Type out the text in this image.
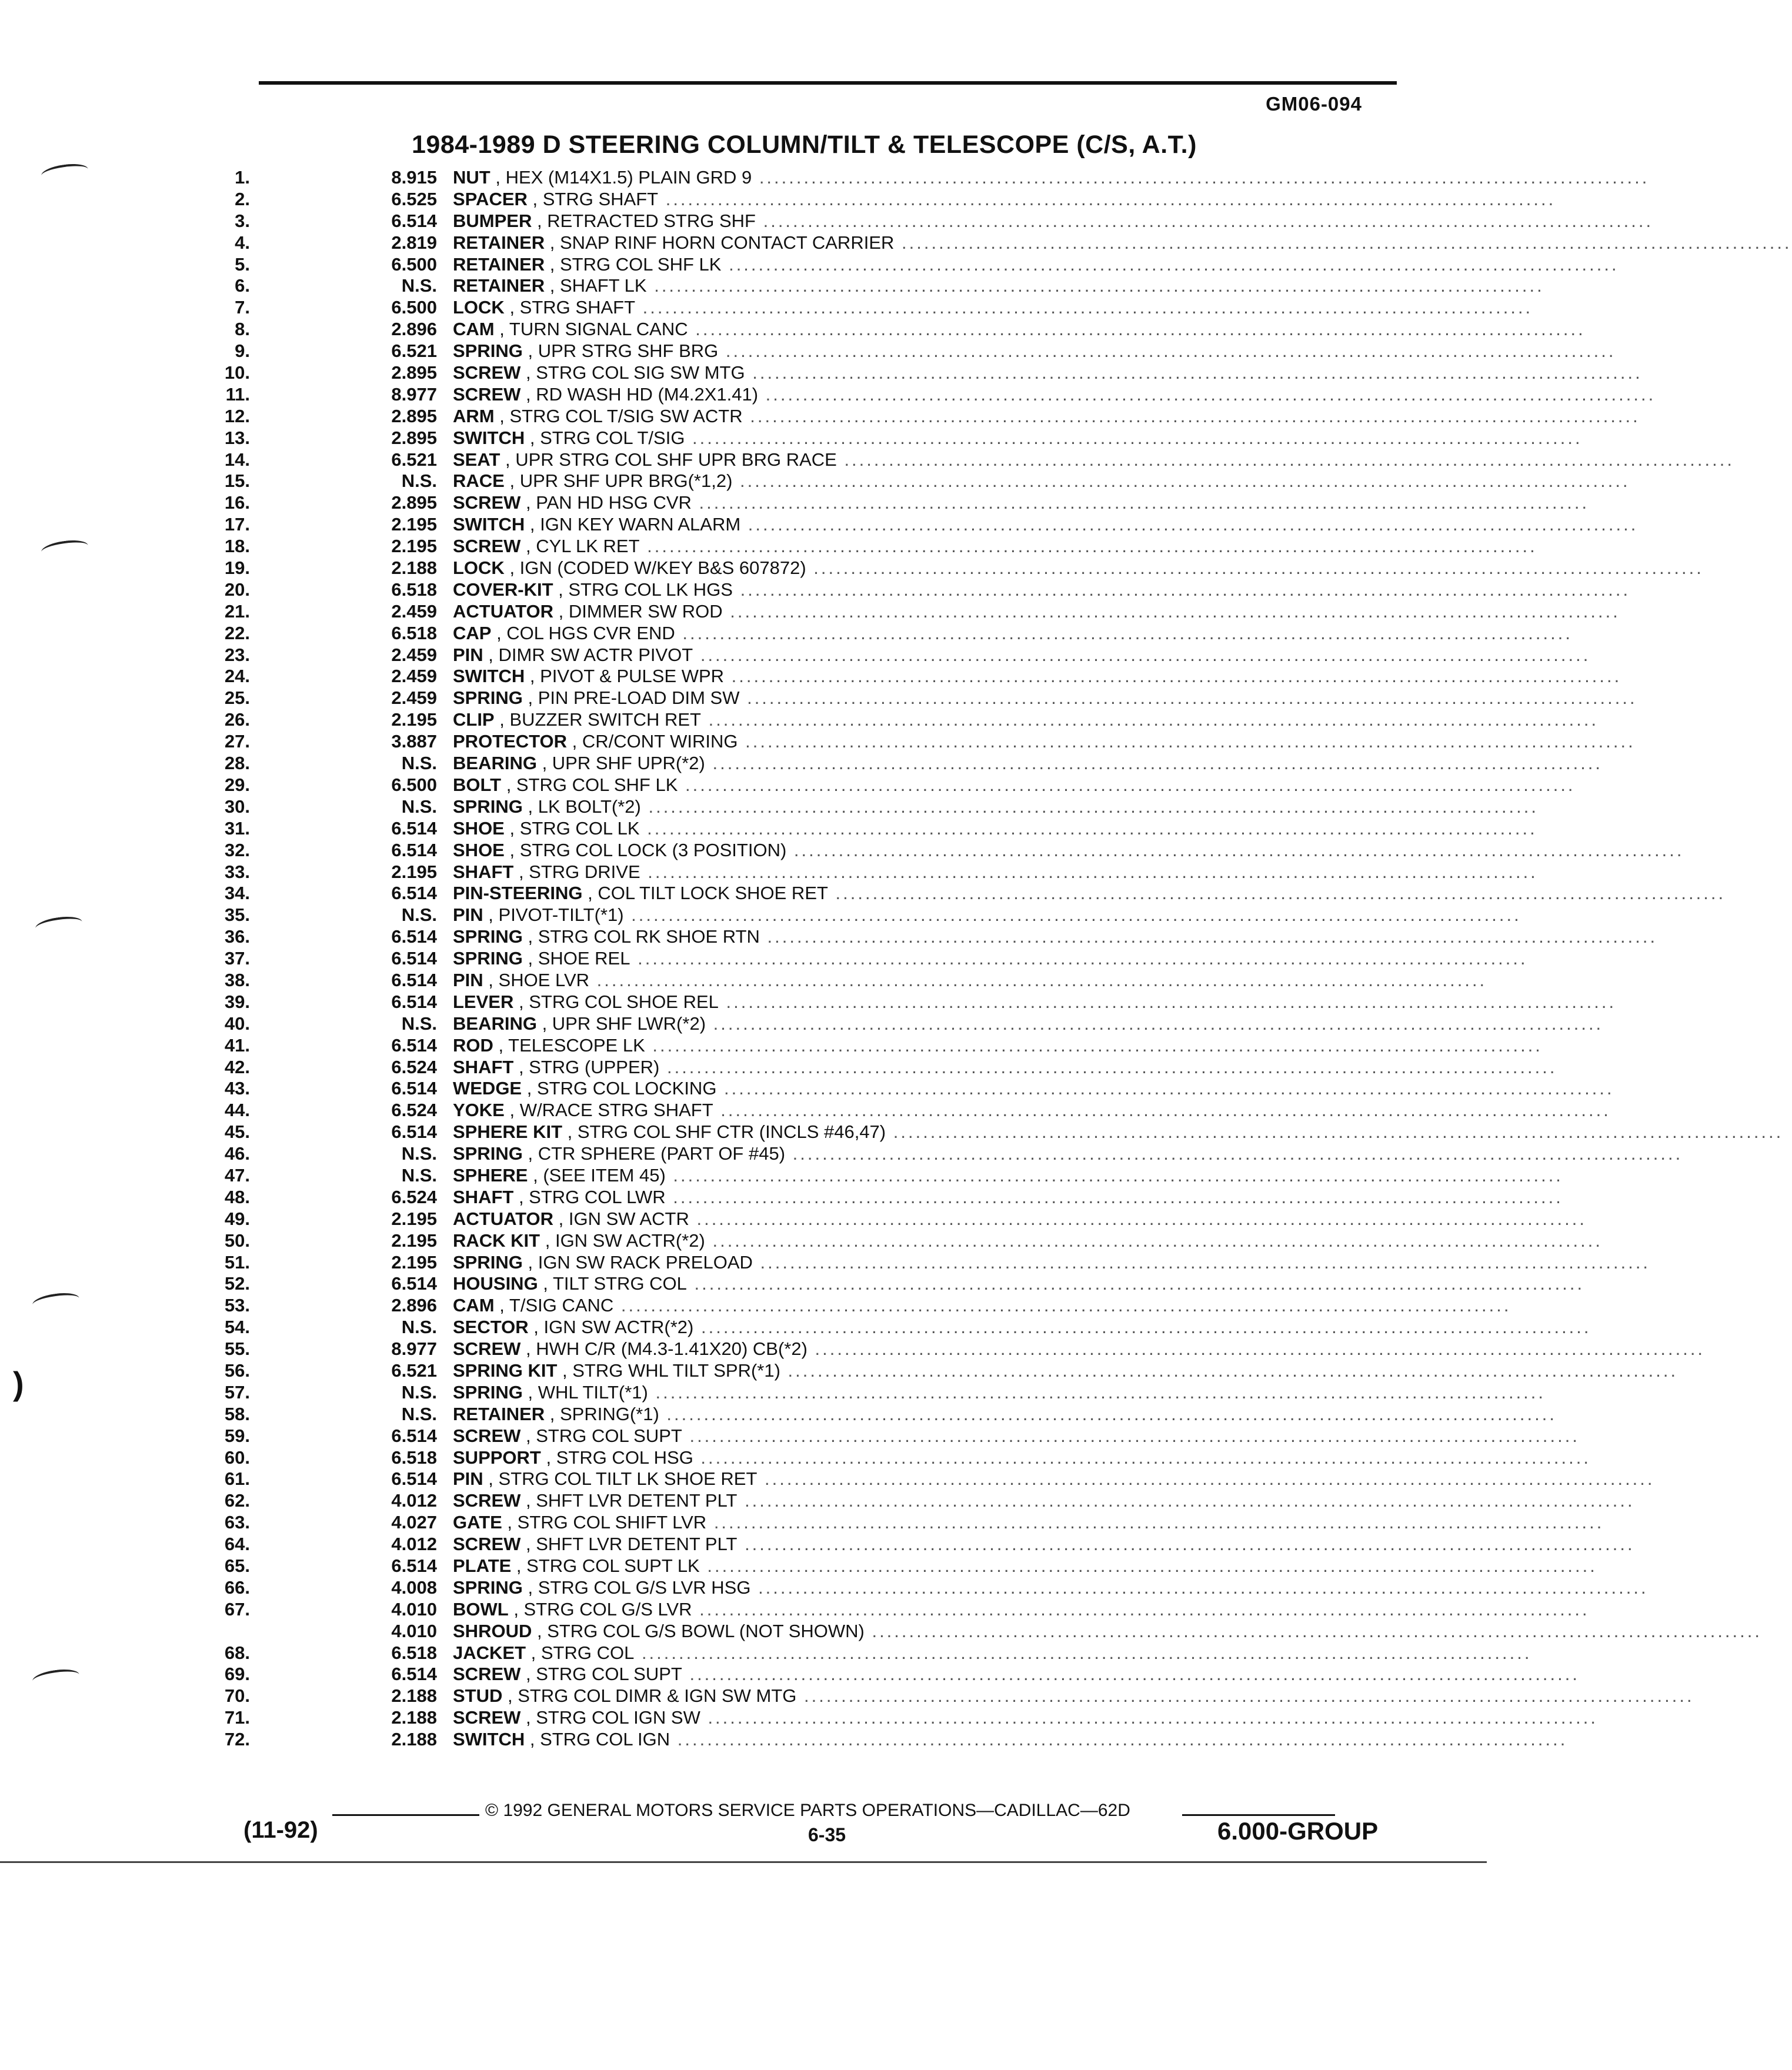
)
GM06-094
1984-1989 D STEERING COLUMN/TILT & TELESCOPE (C/S, A.T.)
1.	8.915 NUT , HEX (M14X1.5) PLAIN GRD 9 ........................................................................................................................
2.	6.525 SPACER , STRG SHAFT ........................................................................................................................
3.	6.514 BUMPER , RETRACTED STRG SHF ........................................................................................................................
4.	2.819 RETAINER , SNAP RINF HORN CONTACT CARRIER ........................................................................................................................
5.	6.500 RETAINER , STRG COL SHF LK ........................................................................................................................
6.	N.S. RETAINER , SHAFT LK ........................................................................................................................
7.	6.500 LOCK , STRG SHAFT ........................................................................................................................
8.	2.896 CAM , TURN SIGNAL CANC ........................................................................................................................
9.	6.521 SPRING , UPR STRG SHF BRG ........................................................................................................................
10.	2.895 SCREW , STRG COL SIG SW MTG ........................................................................................................................
11.	8.977 SCREW , RD WASH HD (M4.2X1.41) ........................................................................................................................
12.	2.895 ARM , STRG COL T/SIG SW ACTR ........................................................................................................................
13.	2.895 SWITCH , STRG COL T/SIG ........................................................................................................................
14.	6.521 SEAT , UPR STRG COL SHF UPR BRG RACE ........................................................................................................................
15.	N.S. RACE , UPR SHF UPR BRG(*1,2) ........................................................................................................................
16.	2.895 SCREW , PAN HD HSG CVR ........................................................................................................................
17.	2.195 SWITCH , IGN KEY WARN ALARM ........................................................................................................................
18.	2.195 SCREW , CYL LK RET ........................................................................................................................
19.	2.188 LOCK , IGN (CODED W/KEY B&S 607872) ........................................................................................................................
20.	6.518 COVER-KIT , STRG COL LK HGS ........................................................................................................................
21.	2.459 ACTUATOR , DIMMER SW ROD ........................................................................................................................
22.	6.518 CAP , COL HGS CVR END ........................................................................................................................
23.	2.459 PIN , DIMR SW ACTR PIVOT ........................................................................................................................
24.	2.459 SWITCH , PIVOT & PULSE WPR ........................................................................................................................
25.	2.459 SPRING , PIN PRE-LOAD DIM SW ........................................................................................................................
26.	2.195 CLIP , BUZZER SWITCH RET ........................................................................................................................
27.	3.887 PROTECTOR , CR/CONT WIRING ........................................................................................................................
28.	N.S. BEARING , UPR SHF UPR(*2) ........................................................................................................................
29.	6.500 BOLT , STRG COL SHF LK ........................................................................................................................
30.	N.S. SPRING , LK BOLT(*2) ........................................................................................................................
31.	6.514 SHOE , STRG COL LK ........................................................................................................................
32.	6.514 SHOE , STRG COL LOCK (3 POSITION) ........................................................................................................................
33.	2.195 SHAFT , STRG DRIVE ........................................................................................................................
34.	6.514 PIN-STEERING , COL TILT LOCK SHOE RET ........................................................................................................................
35.	N.S. PIN , PIVOT-TILT(*1) ........................................................................................................................
36.	6.514 SPRING , STRG COL RK SHOE RTN ........................................................................................................................
37.	6.514 SPRING , SHOE REL ........................................................................................................................
38.	6.514 PIN , SHOE LVR ........................................................................................................................
39.	6.514 LEVER , STRG COL SHOE REL ........................................................................................................................
40.	N.S. BEARING , UPR SHF LWR(*2) ........................................................................................................................
41.	6.514 ROD , TELESCOPE LK ........................................................................................................................
42.	6.524 SHAFT , STRG (UPPER) ........................................................................................................................
43.	6.514 WEDGE , STRG COL LOCKING ........................................................................................................................
44.	6.524 YOKE , W/RACE STRG SHAFT ........................................................................................................................
45.	6.514 SPHERE KIT , STRG COL SHF CTR (INCLS #46,47) ........................................................................................................................
46.	N.S. SPRING , CTR SPHERE (PART OF #45) ........................................................................................................................
47.	N.S. SPHERE , (SEE ITEM 45) ........................................................................................................................
48.	6.524 SHAFT , STRG COL LWR ........................................................................................................................
49.	2.195 ACTUATOR , IGN SW ACTR ........................................................................................................................
50.	2.195 RACK KIT , IGN SW ACTR(*2) ........................................................................................................................
51.	2.195 SPRING , IGN SW RACK PRELOAD ........................................................................................................................
52.	6.514 HOUSING , TILT STRG COL ........................................................................................................................
53.	2.896 CAM , T/SIG CANC ........................................................................................................................
54.	N.S. SECTOR , IGN SW ACTR(*2) ........................................................................................................................
55.	8.977 SCREW , HWH C/R (M4.3-1.41X20) CB(*2) ........................................................................................................................
56.	6.521 SPRING KIT , STRG WHL TILT SPR(*1) ........................................................................................................................
57.	N.S. SPRING , WHL TILT(*1) ........................................................................................................................
58.	N.S. RETAINER , SPRING(*1) ........................................................................................................................
59.	6.514 SCREW , STRG COL SUPT ........................................................................................................................
60.	6.518 SUPPORT , STRG COL HSG ........................................................................................................................
61.	6.514 PIN , STRG COL TILT LK SHOE RET ........................................................................................................................
62.	4.012 SCREW , SHFT LVR DETENT PLT ........................................................................................................................
63.	4.027 GATE , STRG COL SHIFT LVR ........................................................................................................................
64.	4.012 SCREW , SHFT LVR DETENT PLT ........................................................................................................................
65.	6.514 PLATE , STRG COL SUPT LK ........................................................................................................................
66.	4.008 SPRING , STRG COL G/S LVR HSG ........................................................................................................................
67.	4.010 BOWL , STRG COL G/S LVR ........................................................................................................................
4.010 SHROUD , STRG COL G/S BOWL (NOT SHOWN) ........................................................................................................................
68.	6.518 JACKET , STRG COL ........................................................................................................................
69.	6.514 SCREW , STRG COL SUPT ........................................................................................................................
70.	2.188 STUD , STRG COL DIMR & IGN SW MTG ........................................................................................................................
71.	2.188 SCREW , STRG COL IGN SW ........................................................................................................................
72.	2.188 SWITCH , STRG COL IGN ........................................................................................................................
© 1992 GENERAL MOTORS SERVICE PARTS OPERATIONS—CADILLAC—62D
(11-92)	6-35	6.000-GROUP
